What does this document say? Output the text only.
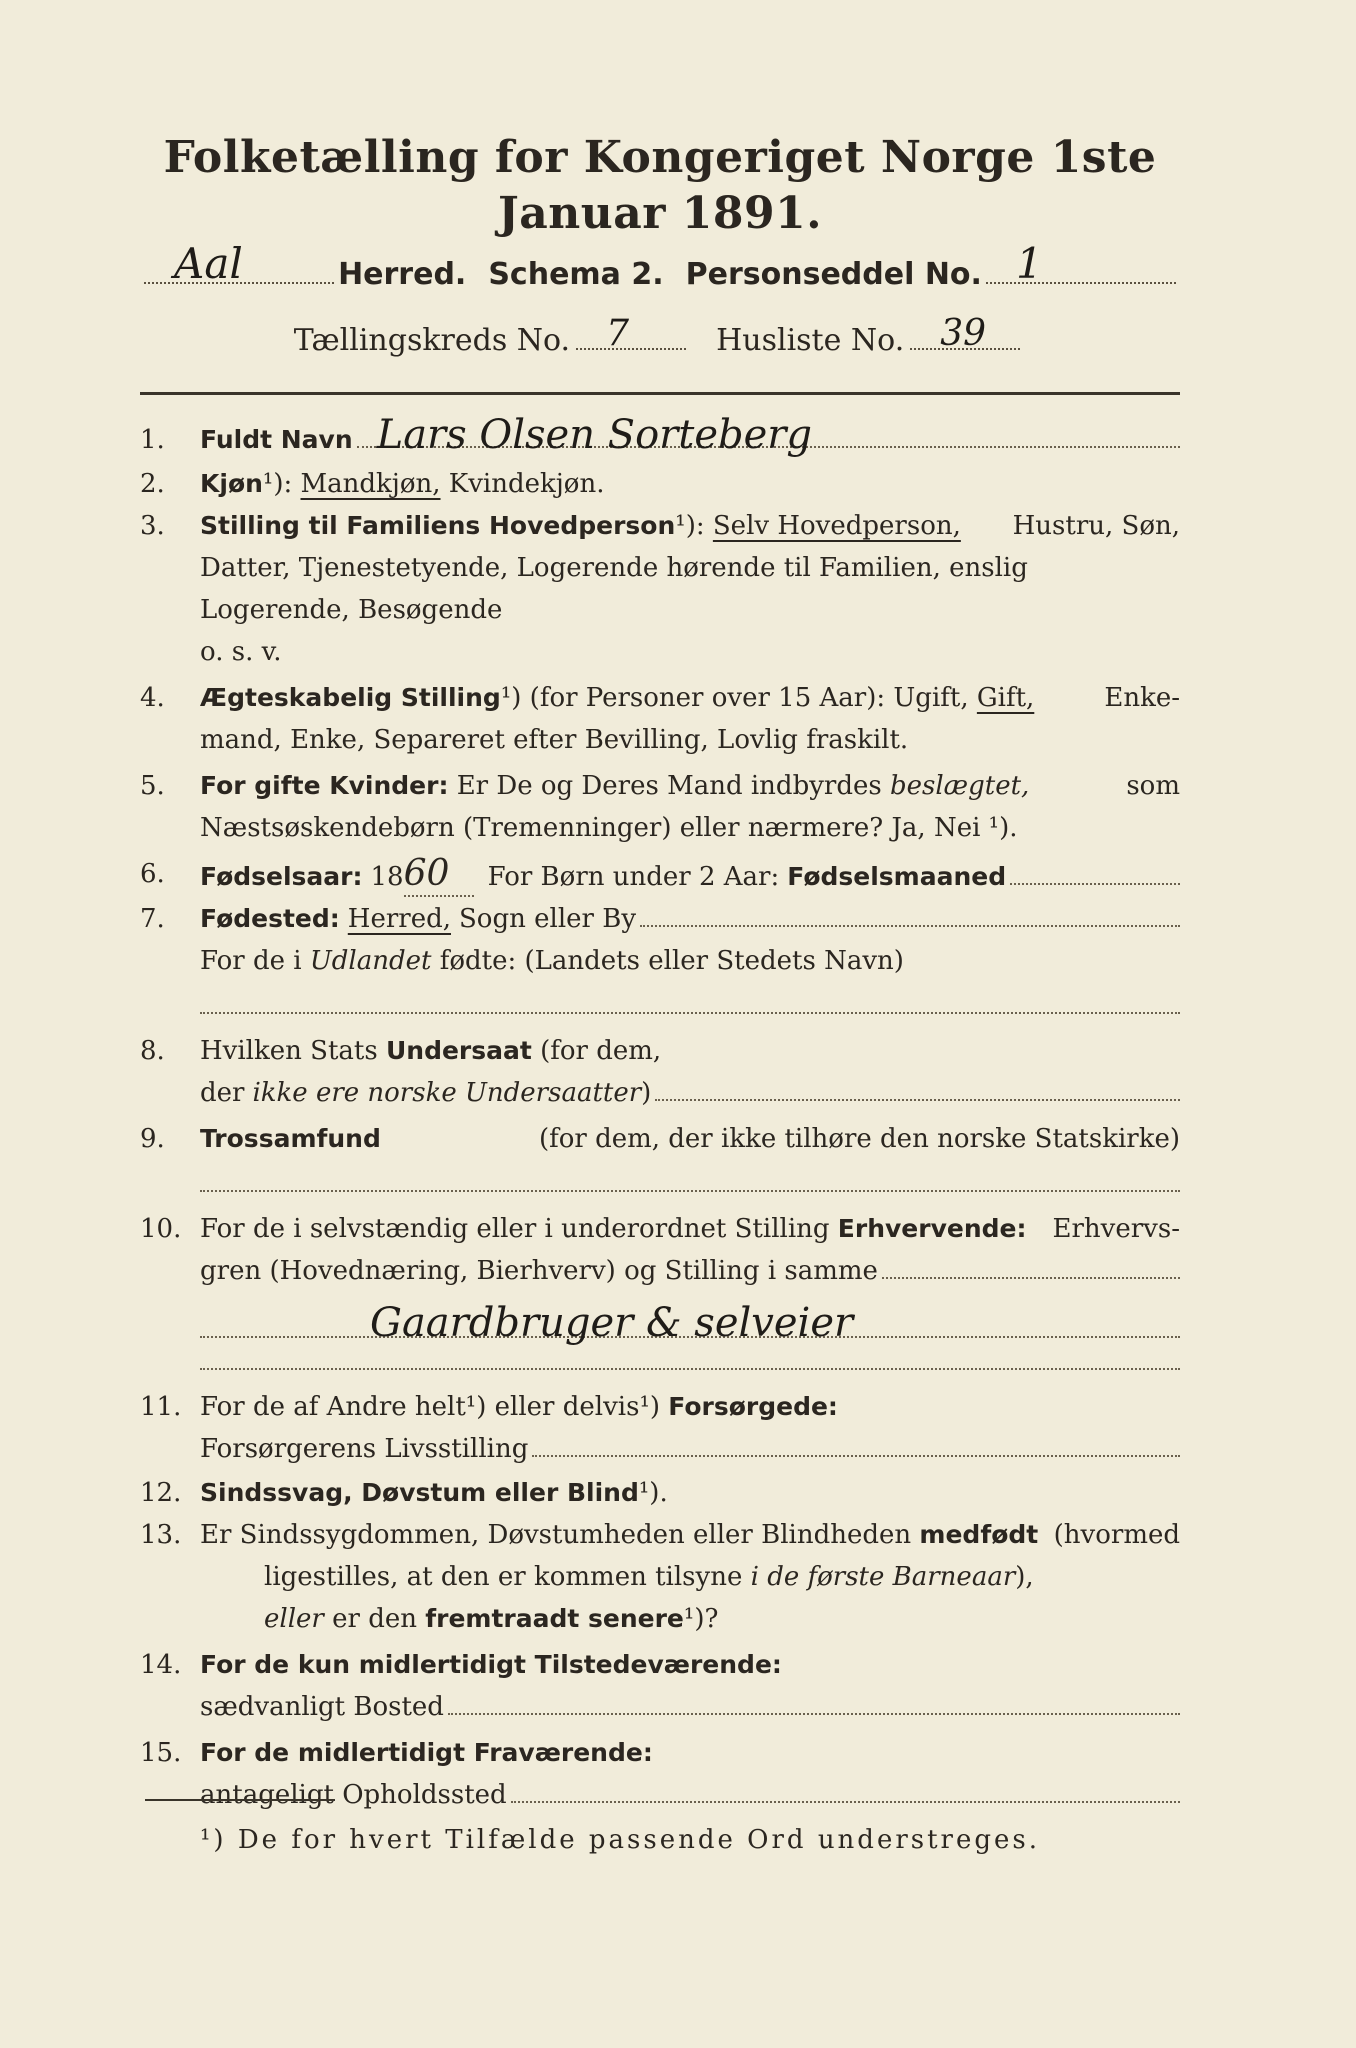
Folketælling for Kongeriget Norge 1ste Januar 1891.
Aal	Herred. Schema 2. Personseddel No. 1
Tællingskreds No. 7	Husliste No. 39
1.	Fuldt Navn Lars Olsen Sorteberg
2.	Kjøn¹): Mandkjøn, Kvindekjøn.
3.	Stilling til Familiens Hovedperson¹): Selv Hovedperson, Hustru, Søn,
Datter, Tjenestetyende, Logerende hørende til Familien, enslig
Logerende, Besøgende
o. s. v.
4.	Ægteskabelig Stilling¹) (for Personer over 15 Aar): Ugift, Gift,	Enke-
mand, Enke, Separeret efter Bevilling, Lovlig fraskilt.
5.	For gifte Kvinder: Er De og Deres Mand indbyrdes beslægtet,	som
Næstsøskendebørn (Tremenninger) eller nærmere? Ja, Nei ¹).
6.	Fødselsaar: 18 60	For Børn under 2 Aar: Fødselsmaaned
7.	Fødested: Herred, Sogn eller By
For de i Udlandet fødte: (Landets eller Stedets Navn)
8.	Hvilken Stats Undersaat (for dem,
der ikke ere norske Undersaatter )
9.	Trossamfund	(for dem, der ikke tilhøre den norske Statskirke)
10. For de i selvstændig eller i underordnet Stilling Erhvervende: Erhvervs-
gren (Hovednæring, Bierhverv) og Stilling i samme
Gaardbruger & selveier
11. For de af Andre helt¹) eller delvis¹) Forsørgede:
Forsørgerens Livsstilling
12. Sindssvag, Døvstum eller Blind¹).
13. Er Sindssygdommen, Døvstumheden eller Blindheden medfødt (hvormed
ligestilles, at den er kommen tilsyne i de første Barneaar),
eller er den fremtraadt senere¹)?
14. For de kun midlertidigt Tilstedeværende:
sædvanligt Bosted
15. For de midlertidigt Fraværende:
antageligt Opholdssted
¹) De for hvert Tilfælde passende Ord understreges.
